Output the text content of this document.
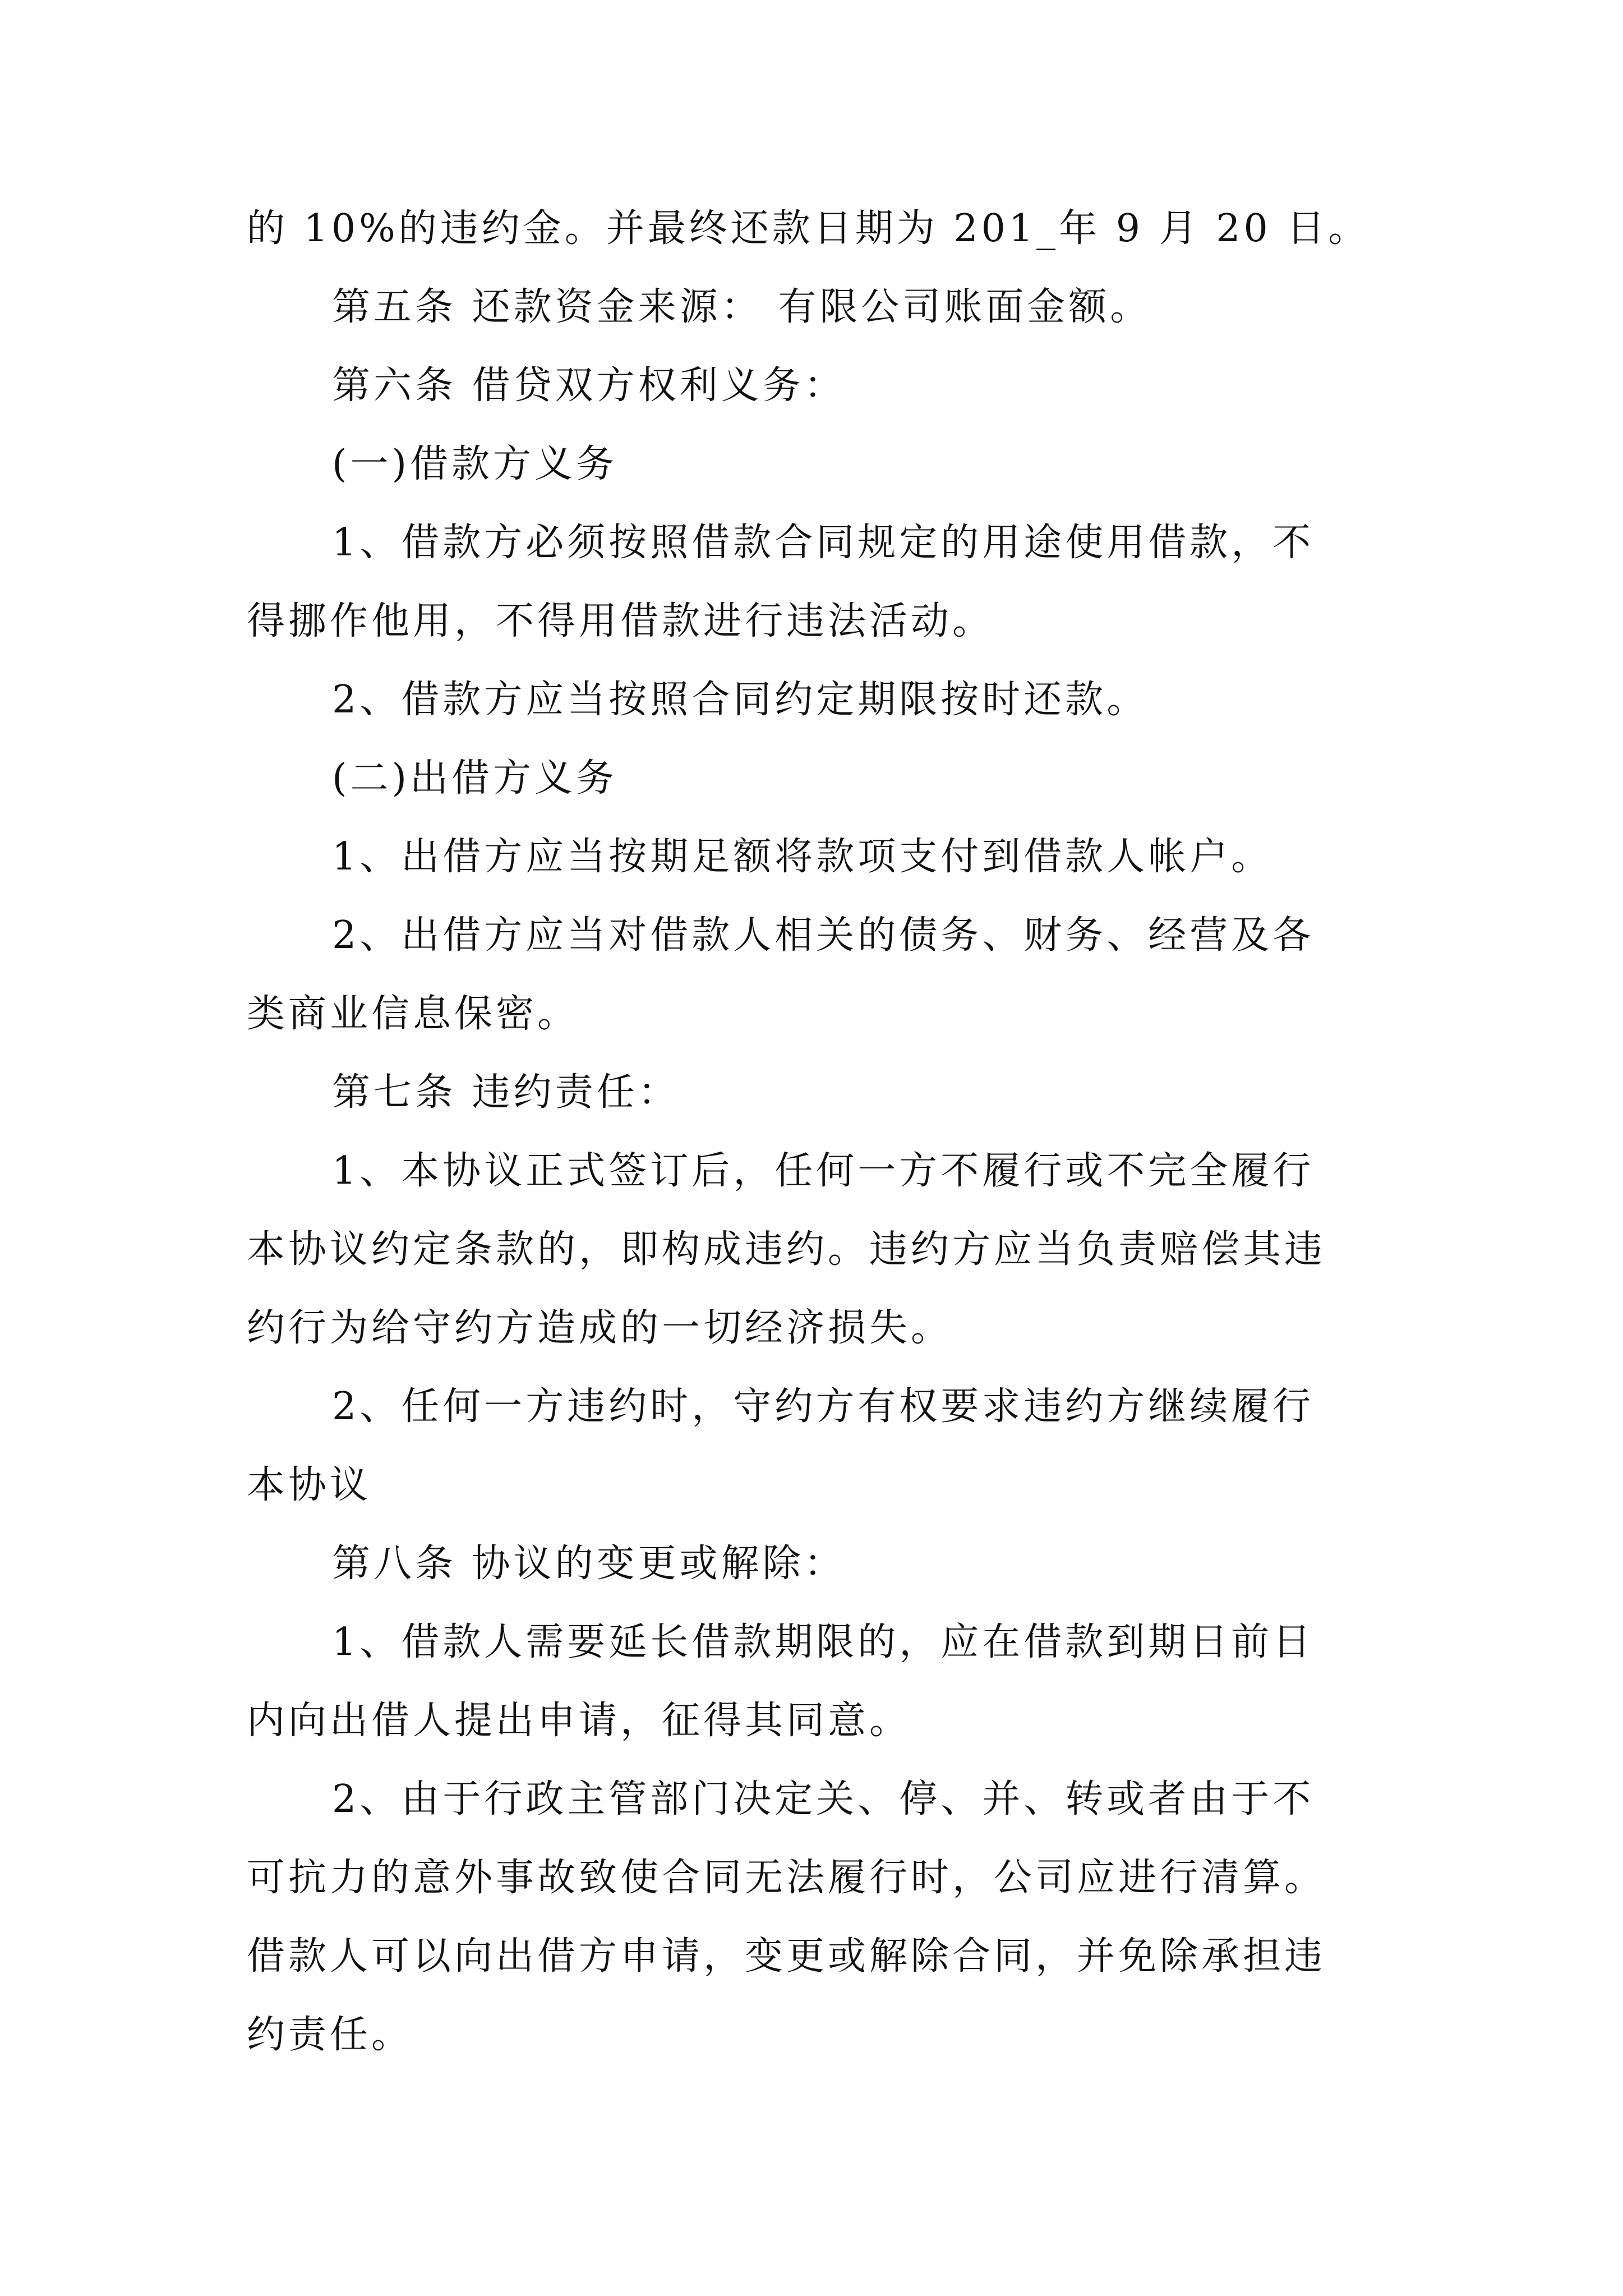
的 10%的违约金。并最终还款日期为 201_年 9 月 20 日。
第五条 还款资金来源： 有限公司账面金额。
第六条 借贷双方权利义务：
(一)借款方义务
1、借款方必须按照借款合同规定的用途使用借款，不
得挪作他用，不得用借款进行违法活动。
2、借款方应当按照合同约定期限按时还款。
(二)出借方义务
1、出借方应当按期足额将款项支付到借款人帐户。
2、出借方应当对借款人相关的债务、财务、经营及各
类商业信息保密。
第七条 违约责任：
1、本协议正式签订后，任何一方不履行或不完全履行
本协议约定条款的，即构成违约。违约方应当负责赔偿其违
约行为给守约方造成的一切经济损失。
2、任何一方违约时，守约方有权要求违约方继续履行
本协议
第八条 协议的变更或解除：
1、借款人需要延长借款期限的，应在借款到期日前日
内向出借人提出申请，征得其同意。
2、由于行政主管部门决定关、停、并、转或者由于不
可抗力的意外事故致使合同无法履行时，公司应进行清算。
借款人可以向出借方申请，变更或解除合同，并免除承担违
约责任。
